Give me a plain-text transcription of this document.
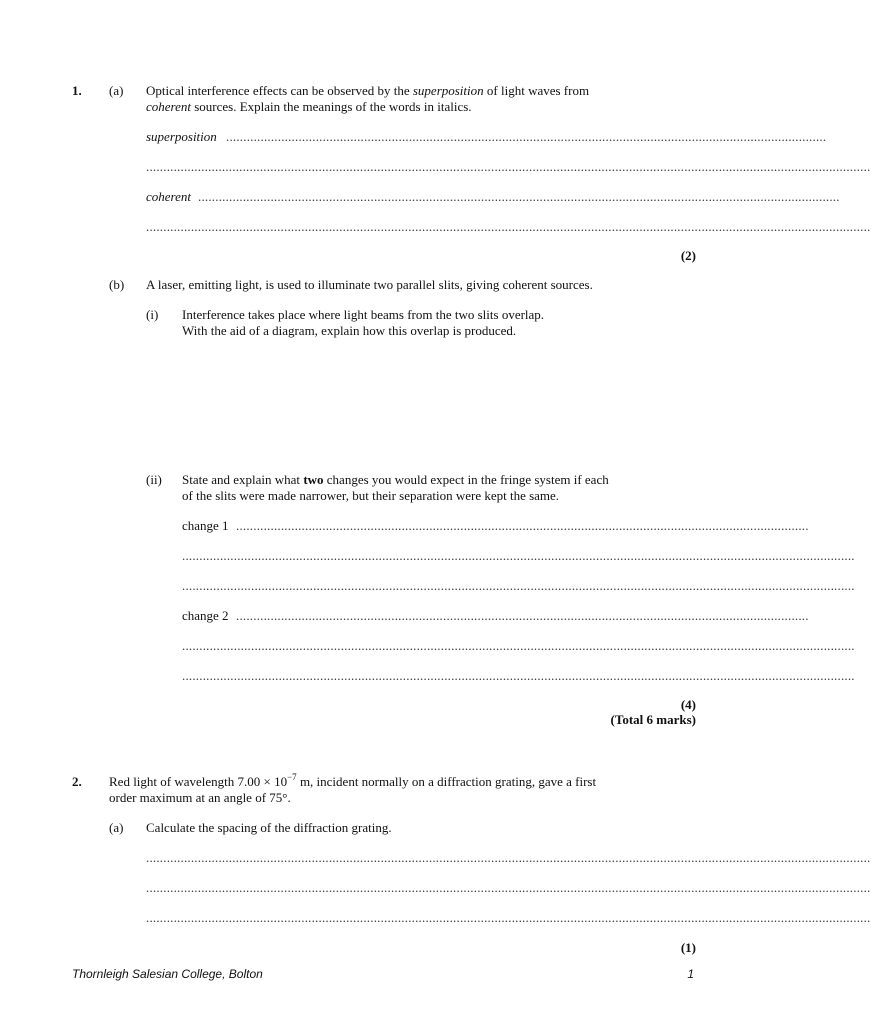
1. (a) Optical interference effects can be observed by the superposition of light waves from
coherent sources. Explain the meanings of the words in italics.
superposition ..............................................................................................................................................................................
..................................................................................................................................................................................................................
coherent ..........................................................................................................................................................................................
..................................................................................................................................................................................................................
(2)
(b) A laser, emitting light, is used to illuminate two parallel slits, giving coherent sources.
(i) Interference takes place where light beams from the two slits overlap.
With the aid of a diagram, explain how this overlap is produced.
(ii) State and explain what two changes you would expect in the fringe system if each
of the slits were made narrower, but their separation were kept the same.
change 1 ......................................................................................................................................................................
...................................................................................................................................................................................................
...................................................................................................................................................................................................
change 2 ......................................................................................................................................................................
...................................................................................................................................................................................................
...................................................................................................................................................................................................
(4)
(Total 6 marks)
2. Red light of wavelength $7.00 \times 10^{-7}$ m, incident normally on a diffraction grating, gave a first
order maximum at an angle of 75°.
(a) Calculate the spacing of the diffraction grating.
..................................................................................................................................................................................................................
..................................................................................................................................................................................................................
..................................................................................................................................................................................................................
(1)
Thornleigh Salesian College, Bolton	1
